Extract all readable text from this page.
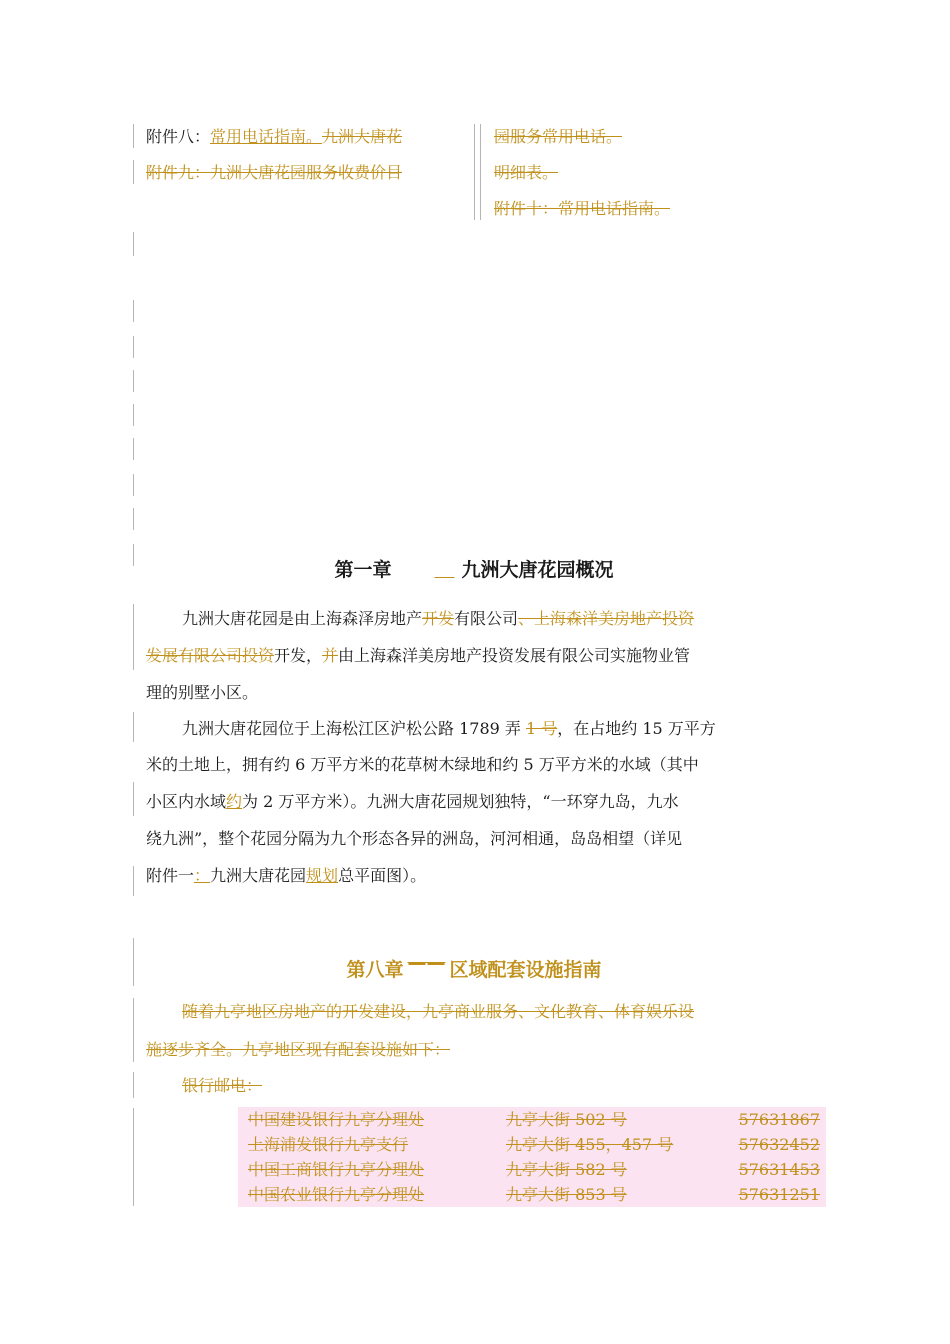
附件八：常用电话指南。九洲大唐花
附件九：九洲大唐花园服务收费价目
园服务常用电话。
明细表。
附件十：常用电话指南。
第一章	九洲大唐花园概况
九洲大唐花园是由上海森泽房地产开发有限公司、上海森洋美房地产投资
发展有限公司投资开发，并由上海森洋美房地产投资发展有限公司实施物业管
理的别墅小区。
九洲大唐花园位于上海松江区沪松公路 1789 弄 1 号，在占地约 15 万平方
米的土地上，拥有约 6 万平方米的花草树木绿地和约 5 万平方米的水域（其中
小区内水域约为 2 万平方米）。九洲大唐花园规划独特，“一环穿九岛，九水
绕九洲”，整个花园分隔为九个形态各异的洲岛，河河相通，岛岛相望（详见
附件一：九洲大唐花园规划总平面图）。
第八章 —— 区域配套设施指南
随着九亭地区房地产的开发建设，九亭商业服务、文化教育、体育娱乐设
施逐步齐全。九亭地区现有配套设施如下：
银行邮电：
中国建设银行九亭分理处	九亭大街 502 号	57631867
上海浦发银行九亭支行	九亭大街 455，457 号	57632452
中国工商银行九亭分理处	九亭大街 582 号	57631453
中国农业银行九亭分理处	九亭大街 853 号	57631251
